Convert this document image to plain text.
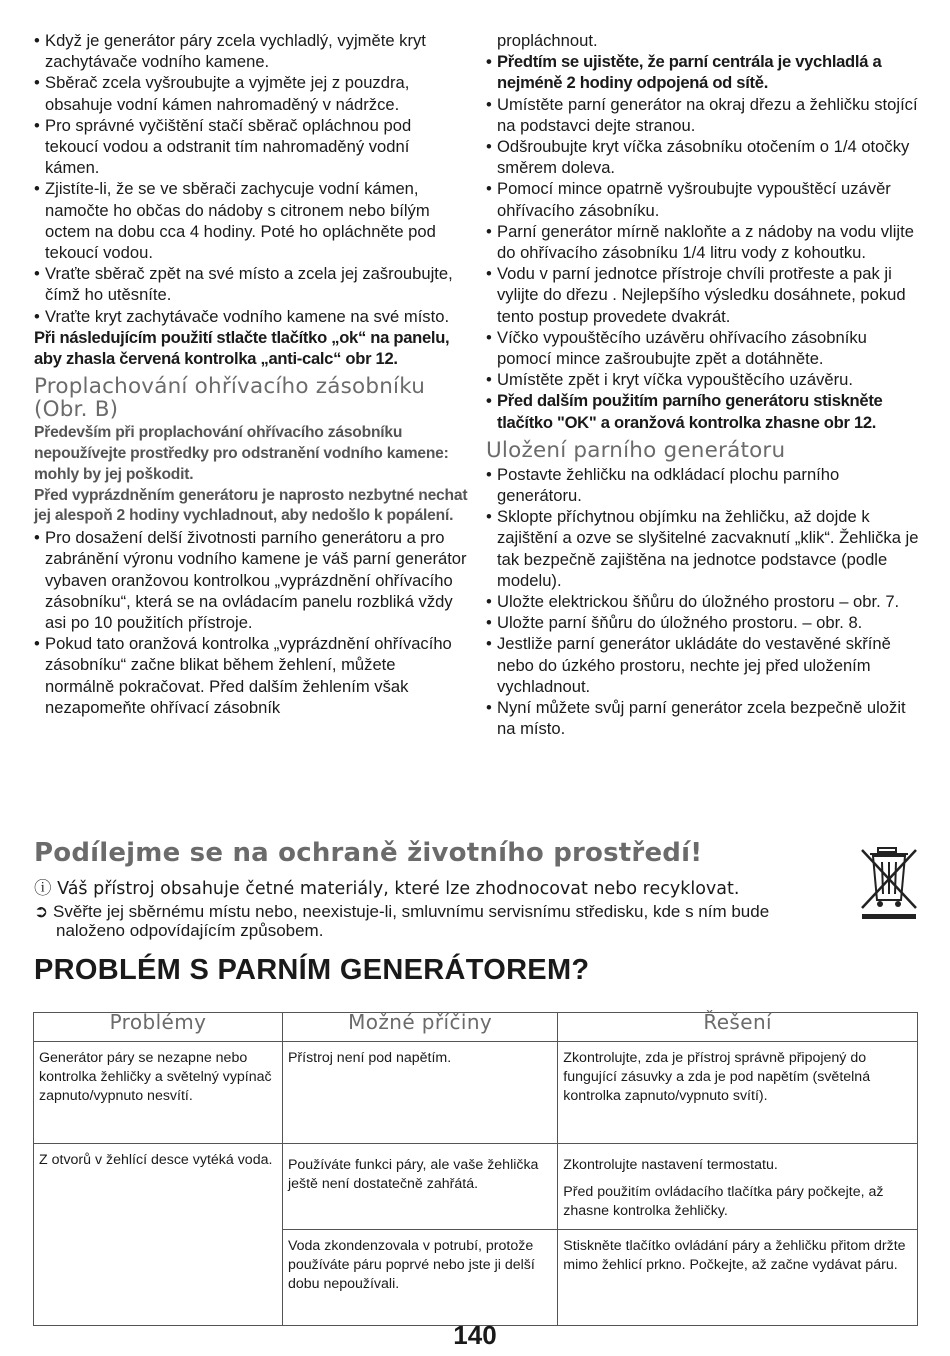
• Když je generátor páry zcela vychladlý, vyjměte kryt zachytávače vodního kamene.
• Sběrač zcela vyšroubujte a vyjměte jej z pouzdra, obsahuje vodní kámen nahromaděný v nádržce.
• Pro správné vyčištění stačí sběrač opláchnou pod tekoucí vodou a odstranit tím nahromaděný vodní kámen.
• Zjistíte-li, že se ve sběrači zachycuje vodní kámen, namočte ho občas do nádoby s citronem nebo bílým octem na dobu cca 4 hodiny. Poté ho opláchněte pod tekoucí vodou.
• Vraťte sběrač zpět na své místo a zcela jej zašroubujte, čímž ho utěsníte.
• Vraťte kryt zachytávače vodního kamene na své místo.
Při následujícím použití stlačte tlačítko „ok“ na panelu, aby zhasla červená kontrolka „anti-calc“ obr 12.
Proplachování ohřívacího zásobníku (Obr. B)
Především při proplachování ohřívacího zásobníku nepoužívejte prostředky pro odstranění vodního kamene: mohly by jej poškodit.
Před vyprázdněním generátoru je naprosto nezbytné nechat jej alespoň 2 hodiny vychladnout, aby nedošlo k popálení.
• Pro dosažení delší životnosti parního generátoru a pro zabránění výronu vodního kamene je váš parní generátor vybaven oranžovou kontrolkou „vyprázdnění ohřívacího zásobníku“, která se na ovládacím panelu rozbliká vždy asi po 10 použitích přístroje.
• Pokud tato oranžová kontrolka „vyprázdnění ohřívacího zásobníku“ začne blikat během žehlení, můžete normálně pokračovat. Před dalším žehlením však nezapomeňte ohřívací zásobník
propláchnout.
• Předtím se ujistěte, že parní centrála je vychladlá a nejméně 2 hodiny odpojená od sítě.
• Umístěte parní generátor na okraj dřezu a žehličku stojící na podstavci dejte stranou.
• Odšroubujte kryt víčka zásobníku otočením o 1/4 otočky směrem doleva.
• Pomocí mince opatrně vyšroubujte vypouštěcí uzávěr ohřívacího zásobníku.
• Parní generátor mírně nakloňte a z nádoby na vodu vlijte do ohřívacího zásobníku 1/4 litru vody z kohoutku.
• Vodu v parní jednotce přístroje chvíli protřeste a pak ji vylijte do dřezu . Nejlepšího výsledku dosáhnete, pokud tento postup provedete dvakrát.
• Víčko vypouštěcího uzávěru ohřívacího zásobníku pomocí mince zašroubujte zpět a dotáhněte.
• Umístěte zpět i kryt víčka vypouštěcího uzávěru.
• Před dalším použitím parního generátoru stiskněte tlačítko "OK" a oranžová kontrolka zhasne obr 12.
Uložení parního generátoru
• Postavte žehličku na odkládací plochu parního generátoru.
• Sklopte příchytnou objímku na žehličku, až dojde k zajištění a ozve se slyšitelné zacvaknutí „klik“. Žehlička je tak bezpečně zajištěna na jednotce podstavce (podle modelu).
• Uložte elektrickou šňůru do úložného prostoru – obr. 7.
• Uložte parní šňůru do úložného prostoru. – obr. 8.
• Jestliže parní generátor ukládáte do vestavěné skříně nebo do úzkého prostoru, nechte jej před uložením vychladnout.
• Nyní můžete svůj parní generátor zcela bezpečně uložit na místo.
Podílejme se na ochraně životního prostředí!
ⓘ Váš přístroj obsahuje četné materiály, které lze zhodnocovat nebo recyklovat.
➲ Svěřte jej sběrnému místu nebo, neexistuje-li, smluvnímu servisnímu středisku, kde s ním bude naloženo odpovídajícím způsobem.
PROBLÉM S PARNÍM GENERÁTOREM?
Problémy	Možné příčiny	Řešení
Generátor páry se nezapne nebo kontrolka žehličky a světelný vypínač zapnuto/vypnuto nesvítí.	Přístroj není pod napětím.	Zkontrolujte, zda je přístroj správně připojený do fungující zásuvky a zda je pod napětím (světelná kontrolka zapnuto/vypnuto svítí).
Z otvorů v žehlící desce vytéká voda.	Používáte funkci páry, ale vaše žehlička ještě není dostatečně zahřátá.	Zkontrolujte nastavení termostatu.

Před použitím ovládacího tlačítka páry počkejte, až zhasne kontrolka žehličky.

	Voda zkondenzovala v potrubí, protože používáte páru poprvé nebo jste ji delší dobu nepoužívali.	Stiskněte tlačítko ovládání páry a žehličku přitom držte mimo žehlicí prkno. Počkejte, až začne vydávat páru.
140
